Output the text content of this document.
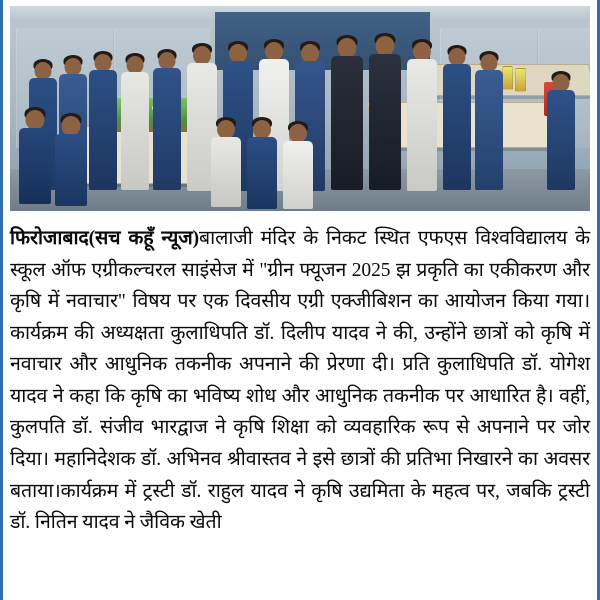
फिरोजाबाद(सच कहूँ न्यूज)बालाजी मंदिर के निकट स्थित एफएस विश्वविद्यालय के स्कूल ऑफ एग्रीकल्चरल साइंसेज में "ग्रीन फ्यूजन 2025 झ प्रकृति का एकीकरण और कृषि में नवाचार" विषय पर एक दिवसीय एग्री एक्जीबिशन का आयोजन किया गया। कार्यक्रम की अध्यक्षता कुलाधिपति डॉ. दिलीप यादव ने की, उन्होंने छात्रों को कृषि में नवाचार और आधुनिक तकनीक अपनाने की प्रेरणा दी। प्रति कुलाधिपति डॉ. योगेश यादव ने कहा कि कृषि का भविष्य शोध और आधुनिक तकनीक पर आधारित है। वहीं, कुलपति डॉ. संजीव भारद्वाज ने कृषि शिक्षा को व्यवहारिक रूप से अपनाने पर जोर दिया। महानिदेशक डॉ. अभिनव श्रीवास्तव ने इसे छात्रों की प्रतिभा निखारने का अवसर बताया।कार्यक्रम में ट्रस्टी डॉ. राहुल यादव ने कृषि उद्यमिता के महत्व पर, जबकि ट्रस्टी डॉ. नितिन यादव ने जैविक खेती
